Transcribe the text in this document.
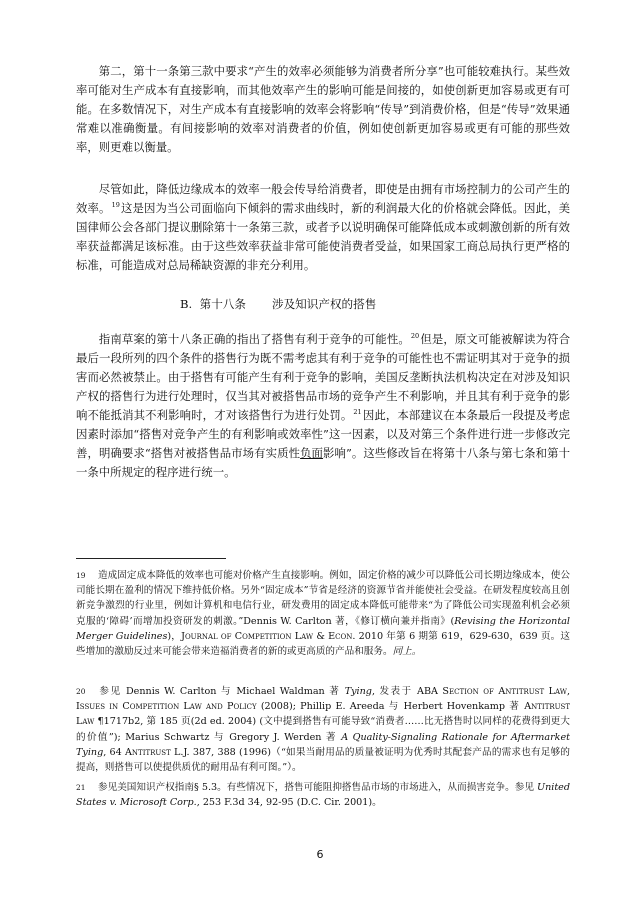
第二，第十一条第三款中要求“产生的效率必须能够为消费者所分享”也可能较难执行。某些效率可能对生产成本有直接影响，而其他效率产生的影响可能是间接的，如使创新更加容易或更有可能。在多数情况下，对生产成本有直接影响的效率会将影响“传导”到消费价格，但是“传导”效果通常难以准确衡量。有间接影响的效率对消费者的价值，例如使创新更加容易或更有可能的那些效率，则更难以衡量。

尽管如此，降低边缘成本的效率一般会传导给消费者，即使是由拥有市场控制力的公司产生的效率。$^{19}$这是因为当公司面临向下倾斜的需求曲线时，新的利润最大化的价格就会降低。因此，美国律师公会各部门提议删除第十一条第三款，或者予以说明确保可能降低成本或刺激创新的所有效率获益都满足该标准。由于这些效率获益非常可能使消费者受益，如果国家工商总局执行更严格的标准，可能造成对总局稀缺资源的非充分利用。

B. 第十八条 涉及知识产权的搭售

指南草案的第十八条正确的指出了搭售有利于竞争的可能性。$^{20}$但是，原文可能被解读为符合最后一段所列的四个条件的搭售行为既不需考虑其有利于竞争的可能性也不需证明其对于竞争的损害而必然被禁止。由于搭售有可能产生有利于竞争的影响，美国反垄断执法机构决定在对涉及知识产权的搭售行为进行处理时，仅当其对被搭售品市场的竞争产生不利影响，并且其有利于竞争的影响不能抵消其不利影响时，才对该搭售行为进行处罚。$^{21}$因此，本部建议在本条最后一段提及考虑因素时添加“搭售对竞争产生的有利影响或效率性”这一因素，以及对第三个条件进行进一步修改完善，明确要求“搭售对被搭售品市场有实质性负面影响”。这些修改旨在将第十八条与第七条和第十一条中所规定的程序进行统一。

19 造成固定成本降低的效率也可能对价格产生直接影响。例如，固定价格的减少可以降低公司长期边缘成本，使公司能长期在盈利的情况下维持低价格。另外“固定成本”节省是经济的资源节省并能使社会受益。在研发程度较高且创新竞争激烈的行业里，例如计算机和电信行业，研发费用的固定成本降低可能带来“为了降低公司实现盈利机会必须克服的‘障碍’而增加投资研发的刺激。”Dennis W. Carlton 著，《修订横向兼并指南》(Revising the Horizontal Merger Guidelines)，Journal of Competition Law & Econ. 2010 年第 6 期第 619，629-630，639 页。这些增加的激励反过来可能会带来造福消费者的新的或更高质的产品和服务。同上。
20 参见 Dennis W. Carlton 与 Michael Waldman 著 Tying, 发表于 ABA Section of Antitrust Law, Issues in Competition Law and Policy (2008); Phillip E. Areeda 与 Herbert Hovenkamp 著 Antitrust Law ¶1717b2, 第 185 页(2d ed. 2004) (文中提到搭售有可能导致“消费者……比无搭售时以同样的花费得到更大的价值”); Marius Schwartz 与 Gregory J. Werden 著 A Quality-Signaling Rationale for Aftermarket Tying, 64 Antitrust L.J. 387, 388 (1996)（“如果当耐用品的质量被证明为优秀时其配套产品的需求也有足够的提高，则搭售可以使提供质优的耐用品有利可图。”）。
21 参见美国知识产权指南§ 5.3。有些情况下，搭售可能阻抑搭售品市场的市场进入，从而损害竞争。参见 United States v. Microsoft Corp., 253 F.3d 34, 92-95 (D.C. Cir. 2001)。
6
